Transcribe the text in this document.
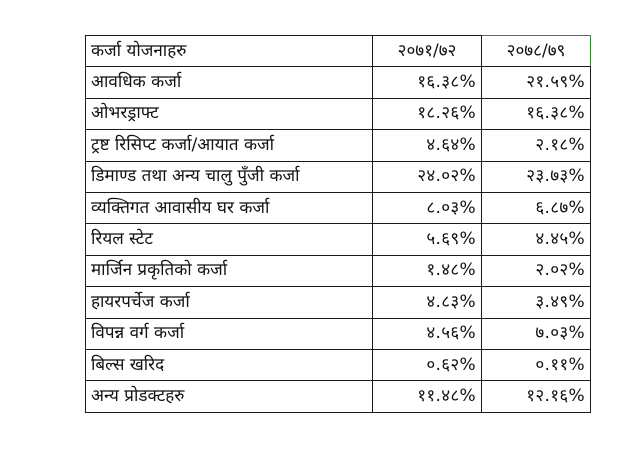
कर्जा योजनाहरु	२०७१/७२	२०७८/७९
आवधिक कर्जा	१६.३८%	२१.५९%
ओभरड्राफ्ट	१८.२६%	१६.३८%
ट्रष्ट रिसिप्ट कर्जा/आयात कर्जा	४.६४%	२.१८%
डिमाण्ड तथा अन्य चालु पुँजी कर्जा	२४.०२%	२३.७३%
व्यक्तिगत आवासीय घर कर्जा	८.०३%	६.८७%
रियल स्टेट	५.६९%	४.४५%
मार्जिन प्रकृतिको कर्जा	१.४८%	२.०२%
हायरपर्चेज कर्जा	४.८३%	३.४९%
विपन्न वर्ग कर्जा	४.५६%	७.०३%
बिल्स खरिद	०.६२%	०.११%
अन्य प्रोडक्टहरु	११.४८%	१२.१६%
